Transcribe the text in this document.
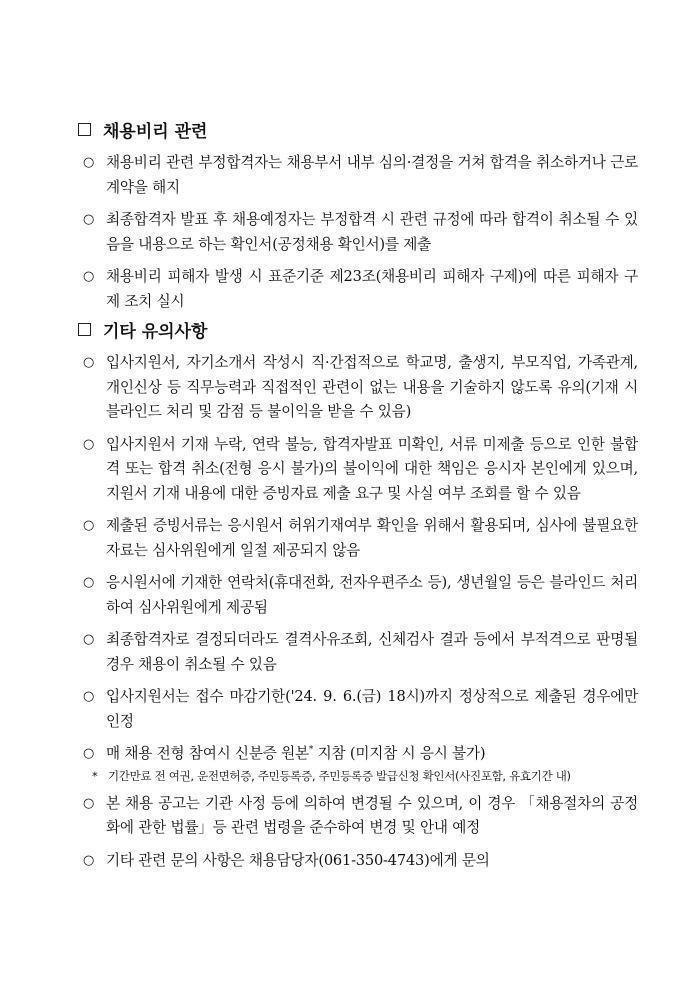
채용비리 관련
○ 채용비리 관련 부정합격자는 채용부서 내부 심의·결정을 거쳐 합격을 취소하거나 근로계약을 해지
○ 최종합격자 발표 후 채용예정자는 부정합격 시 관련 규정에 따라 합격이 취소될 수 있음을 내용으로 하는 확인서(공정채용 확인서)를 제출
○ 채용비리 피해자 발생 시 표준기준 제23조(채용비리 피해자 구제)에 따른 피해자 구제 조치 실시
기타 유의사항
○ 입사지원서, 자기소개서 작성시 직·간접적으로 학교명, 출생지, 부모직업, 가족관계, 개인신상 등 직무능력과 직접적인 관련이 없는 내용을 기술하지 않도록 유의(기재 시 블라인드 처리 및 감점 등 불이익을 받을 수 있음)
○ 입사지원서 기재 누락, 연락 불능, 합격자발표 미확인, 서류 미제출 등으로 인한 불합격 또는 합격 취소(전형 응시 불가)의 불이익에 대한 책임은 응시자 본인에게 있으며, 지원서 기재 내용에 대한 증빙자료 제출 요구 및 사실 여부 조회를 할 수 있음
○ 제출된 증빙서류는 응시원서 허위기재여부 확인을 위해서 활용되며, 심사에 불필요한 자료는 심사위원에게 일절 제공되지 않음
○ 응시원서에 기재한 연락처(휴대전화, 전자우편주소 등), 생년월일 등은 블라인드 처리하여 심사위원에게 제공됨
○ 최종합격자로 결정되더라도 결격사유조회, 신체검사 결과 등에서 부적격으로 판명될 경우 채용이 취소될 수 있음
○ 입사지원서는 접수 마감기한('24. 9. 6.(금) 18시)까지 정상적으로 제출된 경우에만 인정
○ 매 채용 전형 참여시 신분증 원본* 지참 (미지참 시 응시 불가)
* 기간만료 전 여권, 운전면허증, 주민등록증, 주민등록증 발급신청 확인서(사진포함, 유효기간 내)
○ 본 채용 공고는 기관 사정 등에 의하여 변경될 수 있으며, 이 경우 「채용절차의 공정화에 관한 법률」등 관련 법령을 준수하여 변경 및 안내 예정
○ 기타 관련 문의 사항은 채용담당자(061-350-4743)에게 문의
